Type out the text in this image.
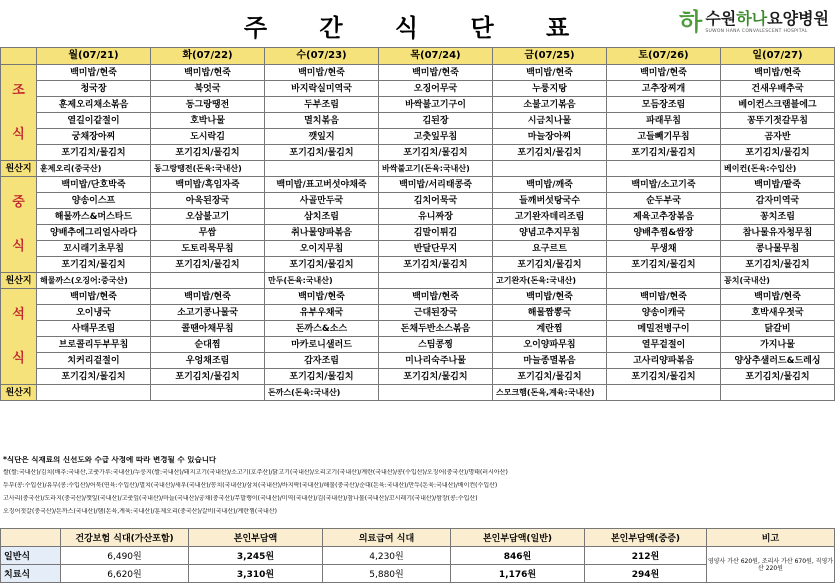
주 간 식 단 표	하 수원하나요양병원
SUWON HANA CONVALESCENT HOSPITAL
	월(07/21)	화(07/22)	수(07/23)	목(07/24)	금(07/25)	토(07/26)	일(07/27)

조
식	백미밥/현죽	백미밥/현죽	백미밥/현죽	백미밥/현죽	백미밥/현죽	백미밥/현죽	백미밥/현죽
	청국장	북엇국	바지락실미역국	오징어무국	누룽지탕	고추장찌개	건새우배추국
	훈제오리채소볶음	동그랑땡전	두부조림	바싹불고기구이	소불고기볶음	모듬장조림	베이컨스크램블에그
	열길이같절이	호박나물	멸치볶음	김된장	시금치나물	파래무침	꽁뚜기젓갈무침
	궁채장아찌	도시락김	깻잎지	고춧잎무침	마늘장아찌	고들빼기무침	곰자반
	포기김치/물김치	포기김치/물김치	포기김치/물김치	포기김치/물김치	포기김치/물김치	포기김치/물김치	포기김치/물김치
원산지	훈제오리(중국산)	동그랑땡전(돈육:국내산)		바싹불고기(돈육:국내산)			베이컨(돈육:수입산)

중
식	백미밥/단호박죽	백미밥/흑임자죽	백미밥/표고버섯야채죽	백미밥/서리태콩죽	백미밥/깨죽	백미밥/소고기죽	백미밥/팥죽
	양송이스프	아욱된장국	사골만두국	김치어묵국	들깨버섯탕국수	순두부국	감자미역국
	해물까스&머스타드	오삼불고기	삼치조림	유니짜장	고기완자데리조림	제육고추장볶음	꽁치조림
	양배추에그리얼사라다	무쌈	취나물양파볶음	김말이튀김	양념고추지무침	양배추찜&쌈장	참나물유자청무침
	꼬시래기초무침	도토리묵무침	오이지무침	반달단무지	요구르트	무생채	콩나물무침
	포기김치/물김치	포기김치/물김치	포기김치/물김치	포기김치/물김치	포기김치/물김치	포기김치/물김치	포기김치/물김치
원산지	해물까스(오징어:중국산)		만두(돈육:국내산)		고기완자(돈육:국내산)		꽁치(국내산)

석
식	백미밥/현죽	백미밥/현죽	백미밥/현죽	백미밥/현죽	백미밥/현죽	백미밥/현죽	백미밥/현죽
	오이냉국	소고기콩나물국	유부우채국	근대된장국	해물짬뽕국	양송이캐국	호박새우젓국
	사태무조림	콜땐아채무침	돈까스&소스	돈채두반소스볶음	계란찜	메밀전병구이	닭갈비
	브로콜리두부무침	순대찜	마카로니샐러드	스팀콩찡	오이양파무침	열무겉절이	가지나물
	치커리겉절이	우엉채조림	감자조림	미나리숙주나물	마늘종멸볶음	고사리양파볶음	양상추샐러드&드레싱
	포기김치/물김치	포기김치/물김치	포기김치/물김치	포기김치/물김치	포기김치/물김치	포기김치/물김치	포기김치/물김치
원산지			돈까스(돈육:국내산)		스모크햄(돈육,계육:국내산)		
*식단은 식재료의 신선도와 수급 사정에 따라 변경될 수 있습니다
쌀(쌀:국내산)/김치(배추:국내산,고춧가루:국내산)/누룽지(쌀:국내산)/돼지고기(국내산)/소고기(호주산)/닭고기(국내산)/오리고기(국내산)/계란(국내산)/콩(수입산)/오징어(중국산)/명태(러시아산)
두부(콩:수입산)/유부(콩:수입산)/어묵(연육:수입산)/멸치(국내산)/새우(국내산)/꽁치(국내산)/삼치(국내산)/바지락(국내산)/해물(중국산)/순대(돈육:국내산)/만두(돈육:국내산)/베이컨(수입산)
고사리(중국산)/도라지(중국산)/깻잎(국내산)/고춧잎(국내산)/마늘(국내산)/궁채(중국산)/무말랭이(국내산)/미역(국내산)/김(국내산)/참나물(국내산)/꼬시래기(국내산)/쌈장(콩:수입산)
오징어젓갈(중국산)/돈까스(국내산)/햄(돈육,계육:국내산)/훈제오리(중국산)/갈비(국내산)/계란찜(국내산)
	건강보험 식대(가산포함)	본인부담액	의료급여 식대	본인부담액(일반)	본인부담액(중증)	비고
일반식	6,490원	3,245원	4,230원	846원	212원	영양사 가산 620원, 조리사 가산 670원, 직영가산 220원
치료식	6,620원	3,310원	5,880원	1,176원	294원	
